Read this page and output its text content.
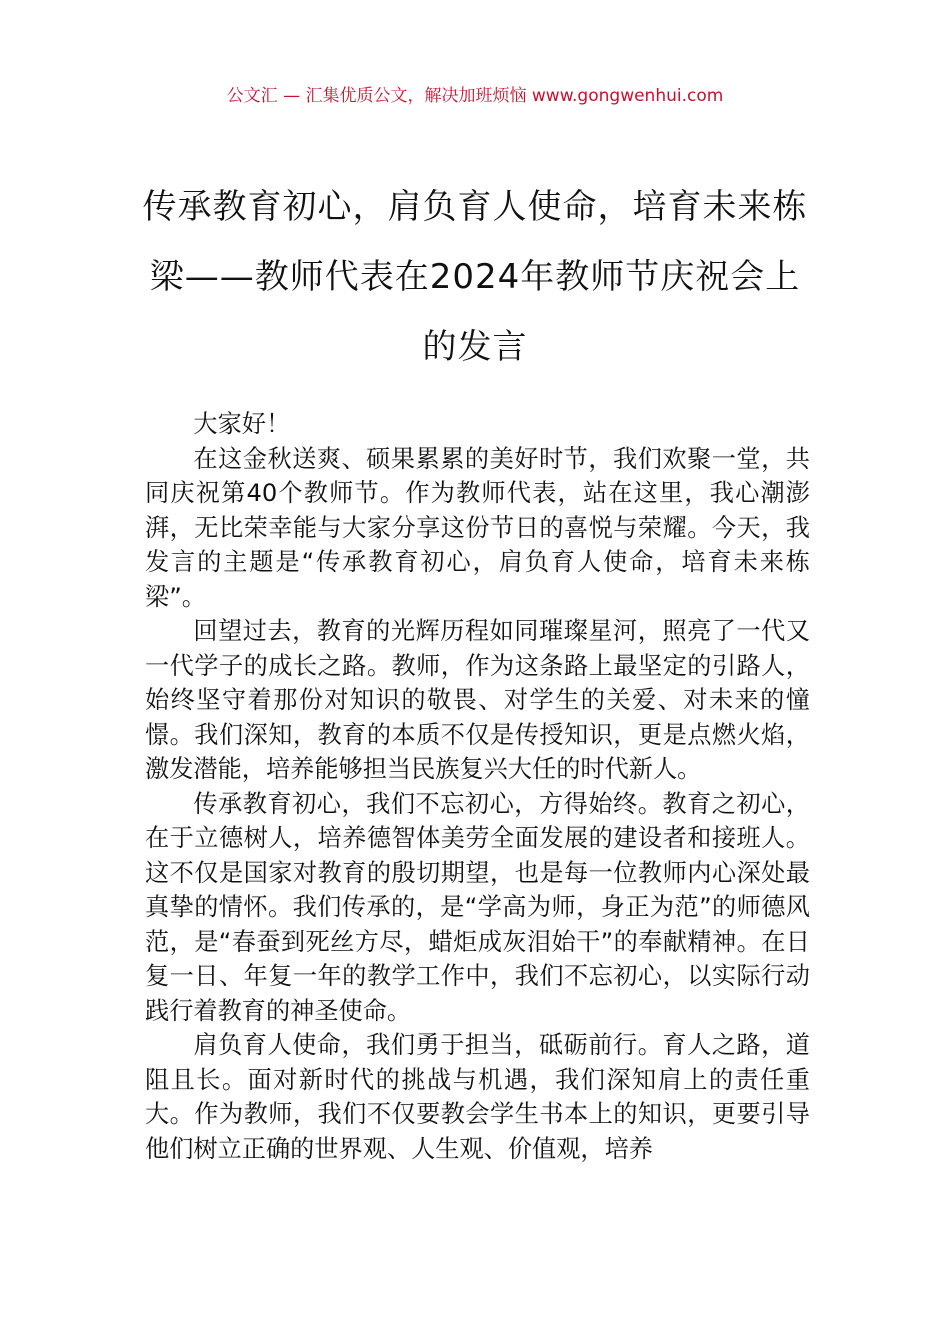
公文汇 — 汇集优质公文，解决加班烦恼 www.gongwenhui.com
传承教育初心，肩负育人使命，培育未来栋梁——教师代表在2024年教师节庆祝会上的发言

大家好！

在这金秋送爽、硕果累累的美好时节，我们欢聚一堂，共同庆祝第40个教师节。作为教师代表，站在这里，我心潮澎湃，无比荣幸能与大家分享这份节日的喜悦与荣耀。今天，我发言的主题是“传承教育初心，肩负育人使命，培育未来栋梁”。

回望过去，教育的光辉历程如同璀璨星河，照亮了一代又一代学子的成长之路。教师，作为这条路上最坚定的引路人，始终坚守着那份对知识的敬畏、对学生的关爱、对未来的憧憬。我们深知，教育的本质不仅是传授知识，更是点燃火焰，激发潜能，培养能够担当民族复兴大任的时代新人。

传承教育初心，我们不忘初心，方得始终。教育之初心，在于立德树人，培养德智体美劳全面发展的建设者和接班人。这不仅是国家对教育的殷切期望，也是每一位教师内心深处最真挚的情怀。我们传承的，是“学高为师，身正为范”的师德风范，是“春蚕到死丝方尽，蜡炬成灰泪始干”的奉献精神。在日复一日、年复一年的教学工作中，我们不忘初心，以实际行动践行着教育的神圣使命。

肩负育人使命，我们勇于担当，砥砺前行。育人之路，道阻且长。面对新时代的挑战与机遇，我们深知肩上的责任重大。作为教师，我们不仅要教会学生书本上的知识，更要引导他们树立正确的世界观、人生观、价值观，培养
